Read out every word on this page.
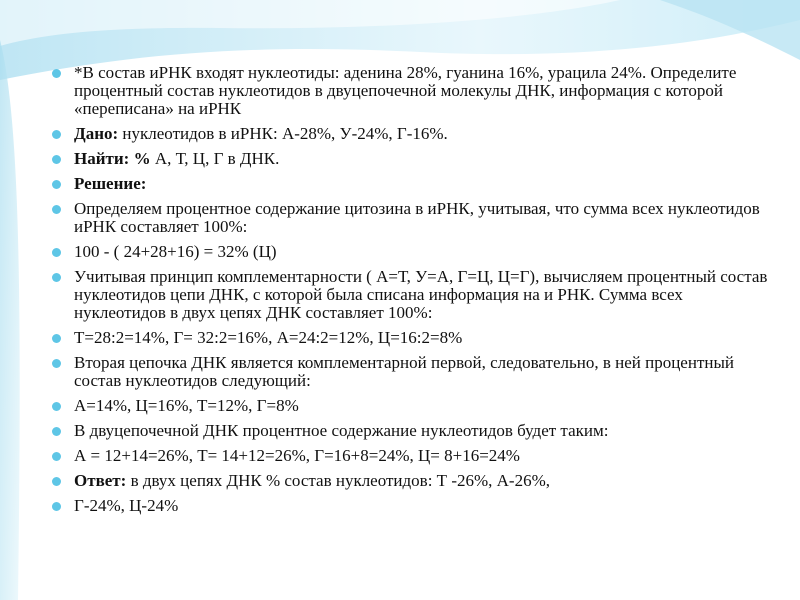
*В состав иРНК входят нуклеотиды: аденина 28%, гуанина 16%, урацила 24%. Определите процентный состав нуклеотидов в двуцепочечной молекулы ДНК, информация с которой «переписана» на иРНК
Дано: нуклеотидов в иРНК: А-28%, У-24%, Г-16%.
Найти: % А, Т, Ц, Г в ДНК.
Решение:
Определяем процентное содержание цитозина в иРНК, учитывая, что сумма всех нуклеотидов иРНК составляет 100%:
100 - ( 24+28+16) = 32% (Ц)
Учитывая принцип комплементарности ( А=Т, У=А, Г=Ц, Ц=Г), вычисляем процентный состав нуклеотидов цепи ДНК, с которой была списана информация на и РНК. Сумма всех нуклеотидов в двух цепях ДНК составляет 100%:
Т=28:2=14%, Г= 32:2=16%, А=24:2=12%, Ц=16:2=8%
Вторая цепочка ДНК является комплементарной первой, следовательно, в ней процентный состав нуклеотидов следующий:
А=14%, Ц=16%, Т=12%, Г=8%
В двуцепочечной ДНК процентное содержание нуклеотидов будет таким:
А = 12+14=26%, Т= 14+12=26%, Г=16+8=24%, Ц= 8+16=24%
Ответ: в двух цепях ДНК % состав нуклеотидов: Т -26%, А-26%,
Г-24%, Ц-24%
